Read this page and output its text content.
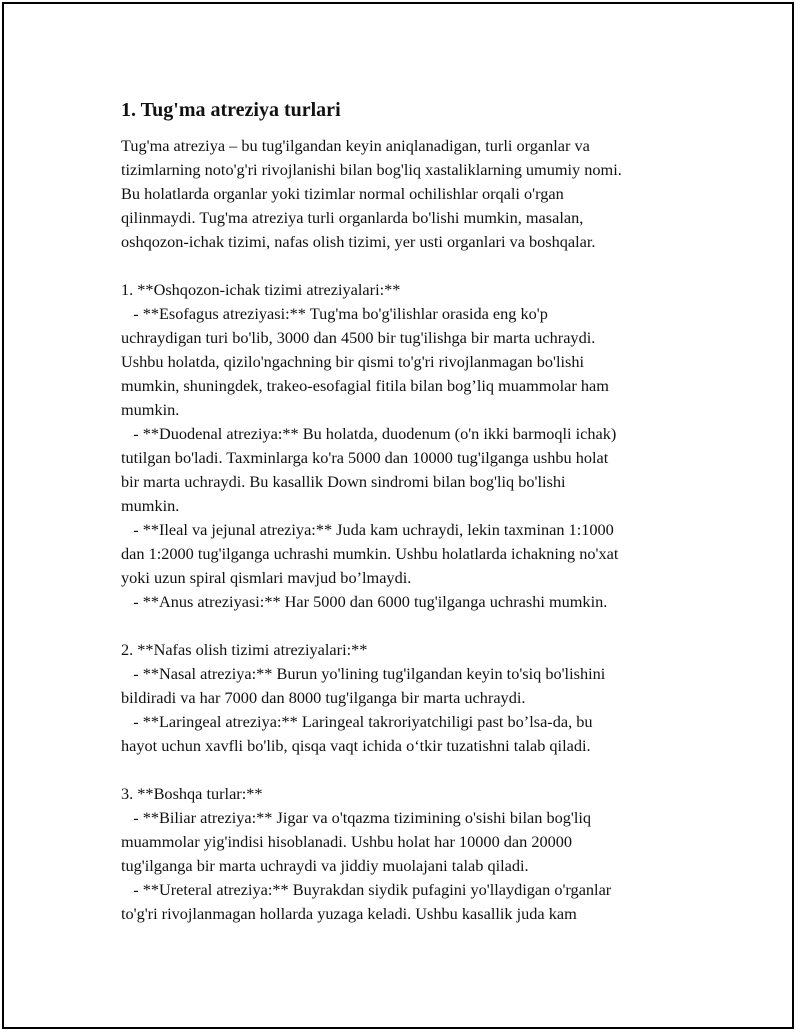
1. Tug'ma atreziya turlari
Tug'ma atreziya – bu tug'ilgandan keyin aniqlanadigan, turli organlar va
tizimlarning noto'g'ri rivojlanishi bilan bog'liq xastaliklarning umumiy nomi.
Bu holatlarda organlar yoki tizimlar normal ochilishlar orqali o'rgan
qilinmaydi. Tug'ma atreziya turli organlarda bo'lishi mumkin, masalan,
oshqozon-ichak tizimi, nafas olish tizimi, yer usti organlari va boshqalar.
1. **Oshqozon-ichak tizimi atreziyalari:**
- **Esofagus atreziyasi:** Tug'ma bo'g'ilishlar orasida eng ko'p
uchraydigan turi bo'lib, 3000 dan 4500 bir tug'ilishga bir marta uchraydi.
Ushbu holatda, qizilo'ngachning bir qismi to'g'ri rivojlanmagan bo'lishi
mumkin, shuningdek, trakeo-esofagial fitila bilan bog’liq muammolar ham
mumkin.
- **Duodenal atreziya:** Bu holatda, duodenum (o'n ikki barmoqli ichak)
tutilgan bo'ladi. Taxminlarga ko'ra 5000 dan 10000 tug'ilganga ushbu holat
bir marta uchraydi. Bu kasallik Down sindromi bilan bog'liq bo'lishi
mumkin.
- **Ileal va jejunal atreziya:** Juda kam uchraydi, lekin taxminan 1:1000
dan 1:2000 tug'ilganga uchrashi mumkin. Ushbu holatlarda ichakning no'xat
yoki uzun spiral qismlari mavjud bo’lmaydi.
- **Anus atreziyasi:** Har 5000 dan 6000 tug'ilganga uchrashi mumkin.
2. **Nafas olish tizimi atreziyalari:**
- **Nasal atreziya:** Burun yo'lining tug'ilgandan keyin to'siq bo'lishini
bildiradi va har 7000 dan 8000 tug'ilganga bir marta uchraydi.
- **Laringeal atreziya:** Laringeal takroriyatchiligi past bo’lsa-da, bu
hayot uchun xavfli bo'lib, qisqa vaqt ichida o‘tkir tuzatishni talab qiladi.
3. **Boshqa turlar:**
- **Biliar atreziya:** Jigar va o'tqazma tizimining o'sishi bilan bog'liq
muammolar yig'indisi hisoblanadi. Ushbu holat har 10000 dan 20000
tug'ilganga bir marta uchraydi va jiddiy muolajani talab qiladi.
- **Ureteral atreziya:** Buyrakdan siydik pufagini yo'llaydigan o'rganlar
to'g'ri rivojlanmagan hollarda yuzaga keladi. Ushbu kasallik juda kam
